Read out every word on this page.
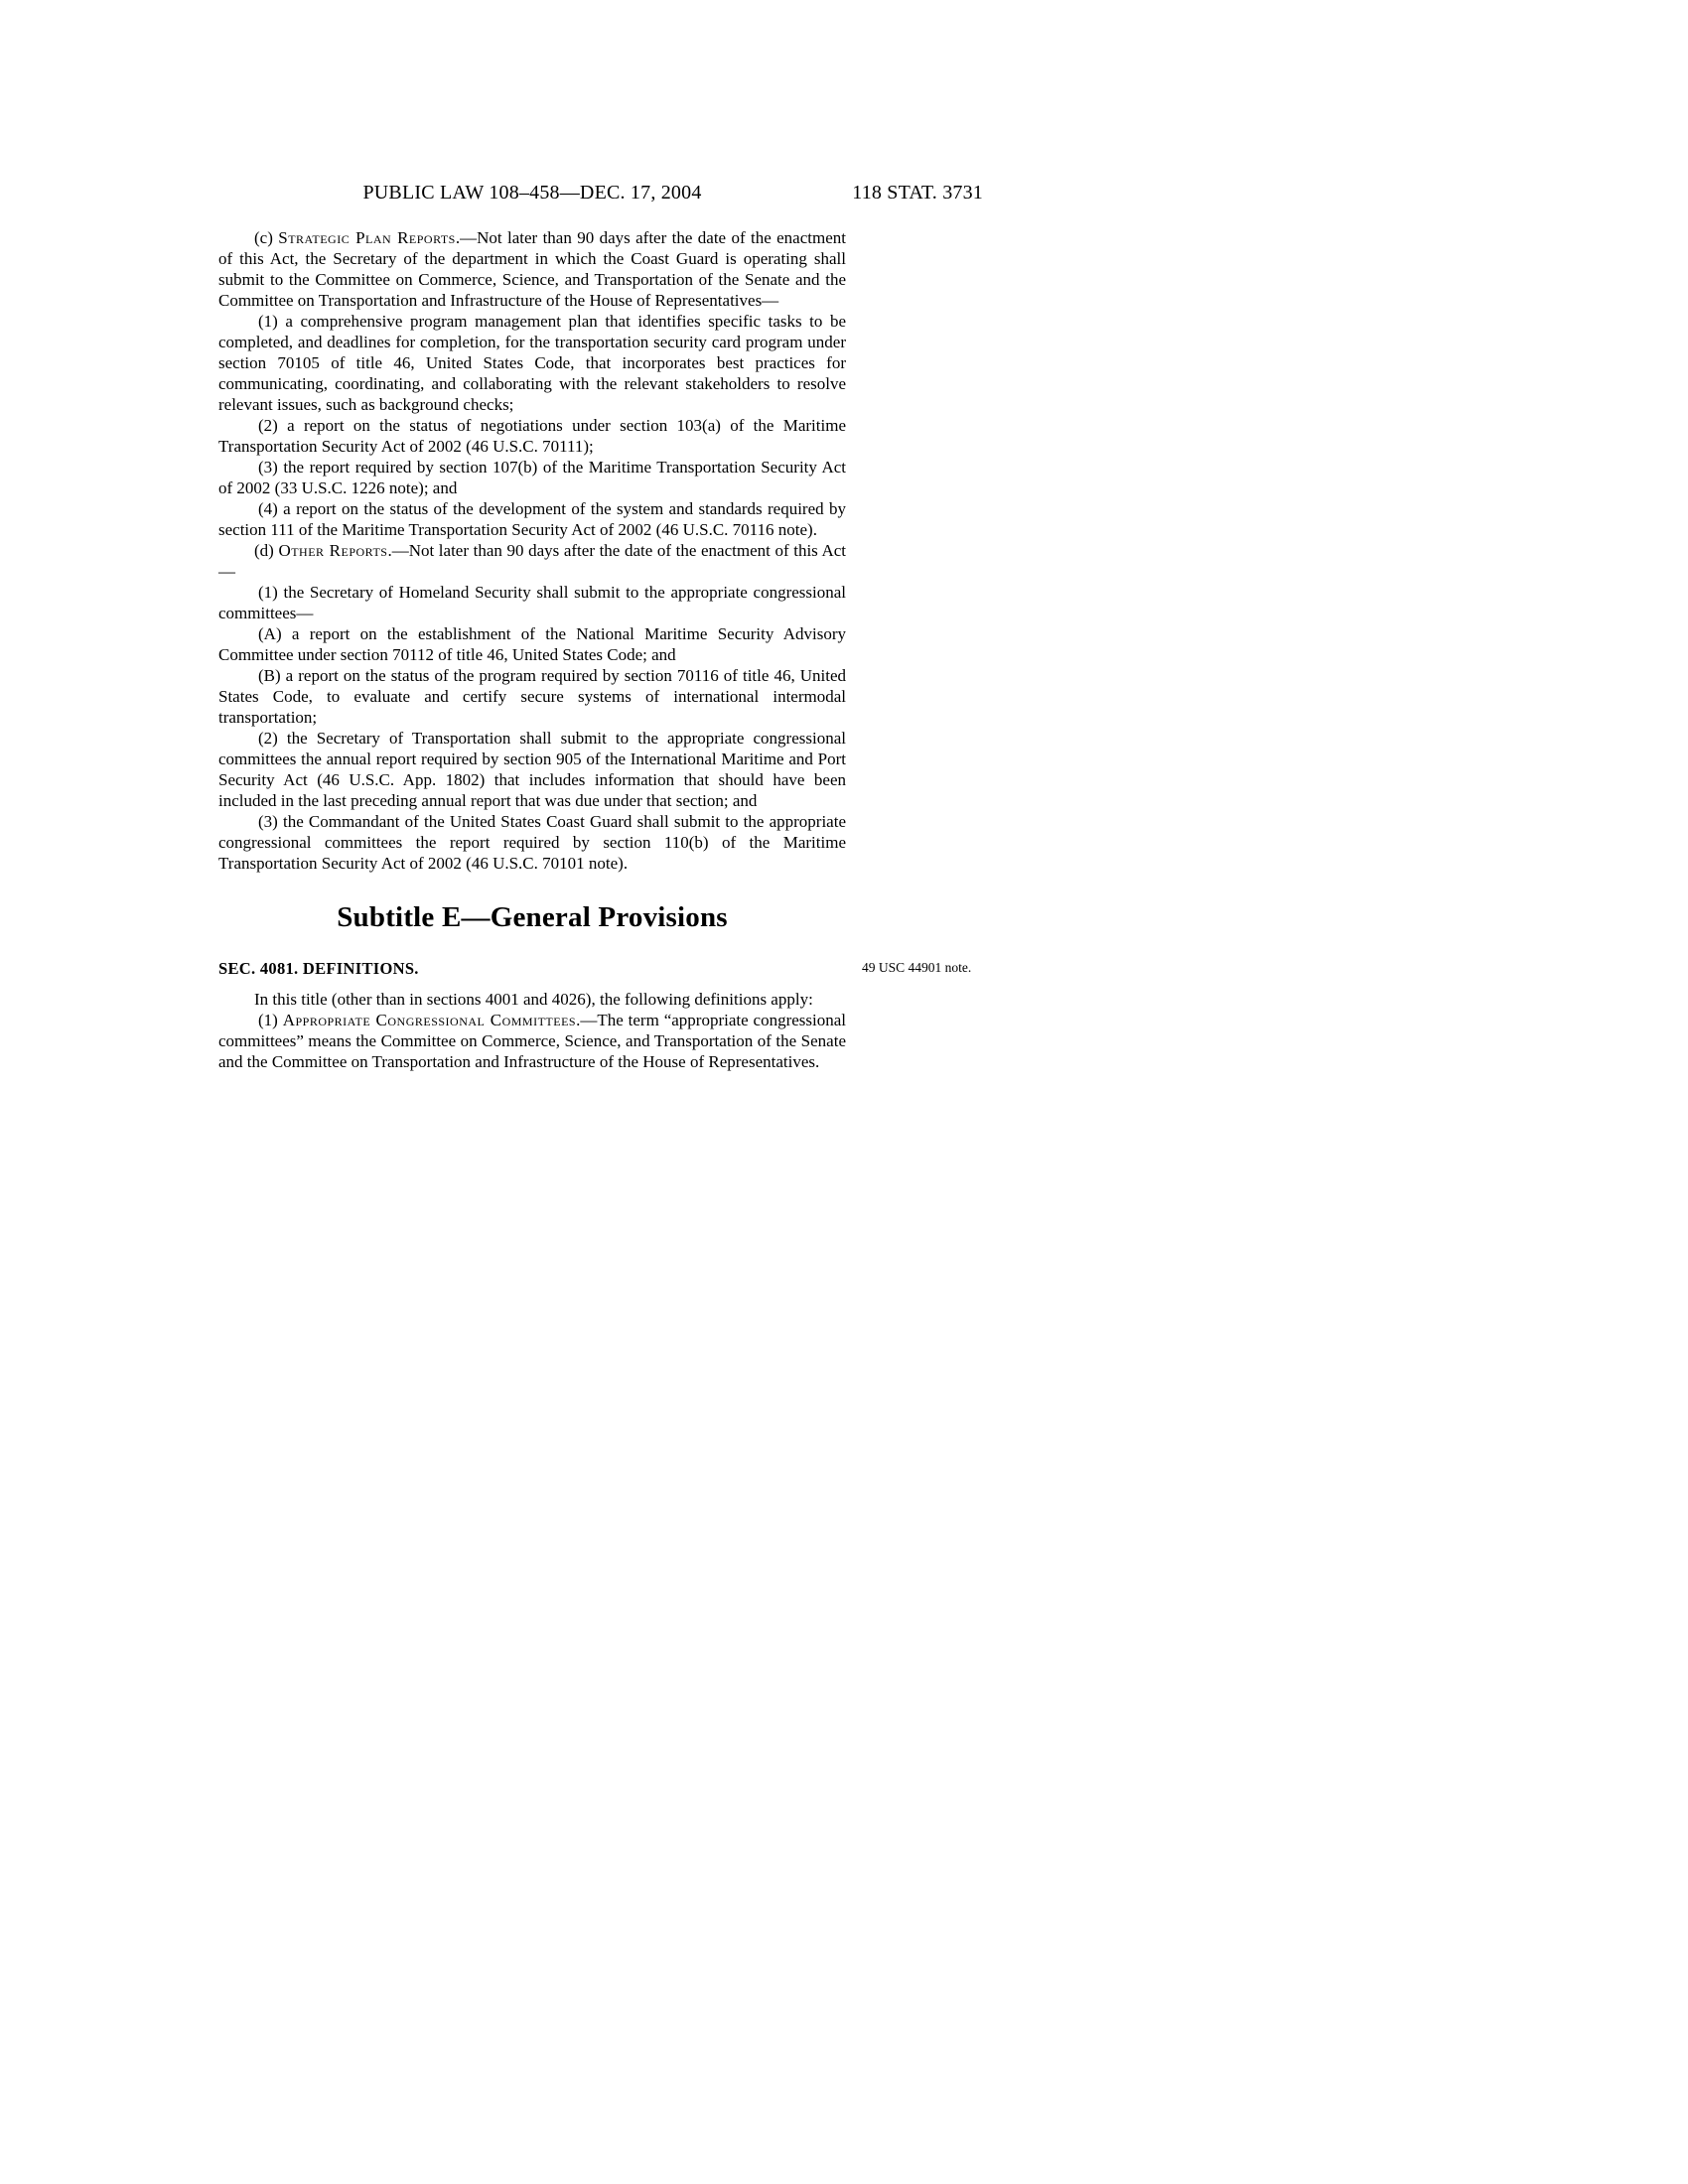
PUBLIC LAW 108–458—DEC. 17, 2004	118 STAT. 3731

(c) Strategic Plan Reports.—Not later than 90 days after the date of the enactment of this Act, the Secretary of the department in which the Coast Guard is operating shall submit to the Committee on Commerce, Science, and Transportation of the Senate and the Committee on Transportation and Infrastructure of the House of Representatives—

(1) a comprehensive program management plan that identifies specific tasks to be completed, and deadlines for completion, for the transportation security card program under section 70105 of title 46, United States Code, that incorporates best practices for communicating, coordinating, and collaborating with the relevant stakeholders to resolve relevant issues, such as background checks;

(2) a report on the status of negotiations under section 103(a) of the Maritime Transportation Security Act of 2002 (46 U.S.C. 70111);

(3) the report required by section 107(b) of the Maritime Transportation Security Act of 2002 (33 U.S.C. 1226 note); and

(4) a report on the status of the development of the system and standards required by section 111 of the Maritime Transportation Security Act of 2002 (46 U.S.C. 70116 note).

(d) Other Reports.—Not later than 90 days after the date of the enactment of this Act—

(1) the Secretary of Homeland Security shall submit to the appropriate congressional committees—

(A) a report on the establishment of the National Maritime Security Advisory Committee under section 70112 of title 46, United States Code; and

(B) a report on the status of the program required by section 70116 of title 46, United States Code, to evaluate and certify secure systems of international intermodal transportation;

(2) the Secretary of Transportation shall submit to the appropriate congressional committees the annual report required by section 905 of the International Maritime and Port Security Act (46 U.S.C. App. 1802) that includes information that should have been included in the last preceding annual report that was due under that section; and

(3) the Commandant of the United States Coast Guard shall submit to the appropriate congressional committees the report required by section 110(b) of the Maritime Transportation Security Act of 2002 (46 U.S.C. 70101 note).

Subtitle E—General Provisions
SEC. 4081. DEFINITIONS.	49 USC 44901 note.

In this title (other than in sections 4001 and 4026), the following definitions apply:

(1) Appropriate Congressional Committees.—The term “appropriate congressional committees” means the Committee on Commerce, Science, and Transportation of the Senate and the Committee on Transportation and Infrastructure of the House of Representatives.
